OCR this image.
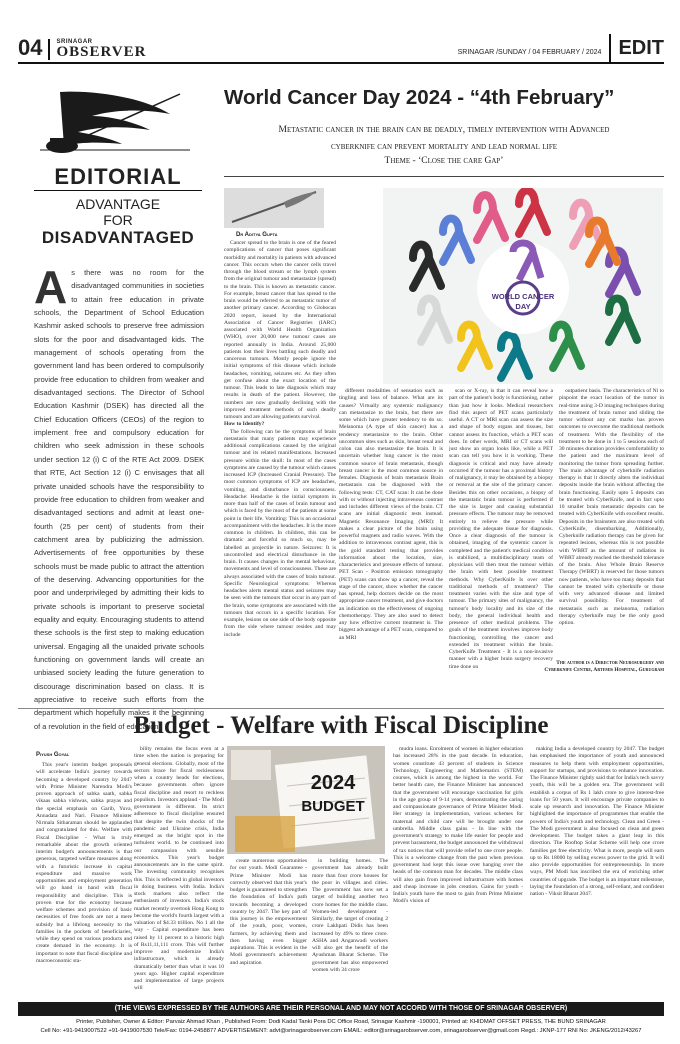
04	SRINAGAR
OBSERVER	SRINAGAR /SUNDAY / 04 FEBRUARY / 2024 EDIT
EDITORIAL
ADVANTAGE
FOR
DISADVANTAGED
A s there was no room for the disadvantaged communities in societies to attain free education in private schools, the Department of School Education Kashmir asked schools to preserve free admission slots for the poor and disadvantaged kids. The management of schools operating from the government land has been ordered to compulsorily provide free education to children from weaker and disadvantaged sections. The Director of School Education Kashmir (DSEK) has directed all the Chief Education Officers (CEOs) of the region to implement free and compulsory education for children who seek admission in these schools under section 12 (i) C of the RTE Act 2009. DSEK that RTE, Act Section 12 (i) C envisages that all private unaided schools have the responsibility to provide free education to children from weaker and disadvantaged sections and admit at least one-fourth (25 per cent) of students from their catchment area by publicizing the admission. Advertisements of free opportunities by these schools must be made public to attract the attention of the deserving. Advancing opportunities for the poor and underprivileged by admitting their kids to private schools is important to preserve societal equality and equity. Encouraging students to attend these schools is the first step to making education universal. Engaging all the unaided private schools functioning on government lands will create an unbiased society leading the future generation to discourage discrimination based on class. It is appreciative to receive such efforts from the department which hopefully makes it the beginning of a revolution in the field of education.
World Cancer Day 2024 - “4th February”
Metastatic cancer in the brain can be deadly, timely intervention with Advanced
cyberknife can prevent mortality and lead normal life
Theme - ‘Close the care Gap’
Dr Aditya Gupta

Cancer spread to the brain is one of the feared complications of cancer that poses significant morbidity and mortality in patients with advanced cancer. This occurs when the cancer cells travel through the blood stream or the lymph system from the original tumour and metastasize (spread) to the brain. This is known as metastatic cancer. For example, breast cancer that has spread to the brain would be referred to as metastatic tumor of another primary cancer. According to Globocan 2020 report, issued by the International Association of Cancer Registries (IARC) associated with World Health Organization (WHO), over 20,000 new tumour cases are reported annually in India. Around 25,000 patients lost their lives battling such deadly and cancerous tumours. Mostly people ignore the initial symptoms of this disease which include headaches, vomiting, seizures etc. As they often get confuse about the exact location of the tumour. This leads to late diagnosis which may results in death of the patient. However, the numbers are now gradually declining with the improved treatment methods of such deadly tumours and are allowing patients survival.

How to Identify?

The following can be the symptoms of brain metastasis that many patients may experience additional complications caused by the original tumour and its related manifestations. Increased pressure within the skull: In most of the cases symptoms are caused by the tumour which causes increased ICP (Increased Cranial Pressure). The most common symptoms of ICP are headaches, vomiting, and disturbance in consciousness. Headache: Headache is the initial symptom in more than half of the cases of brain tumour and which is faced by the most of the patients at some point in their life. Vomiting: This is an occasional accompaniment with the headaches. It is the more common in children. In children, this can be dramatic and forceful so much so, may be labelled as projectile in nature. Seizures: It is uncontrolled and electrical disturbance in the brain. It causes changes in the mental behaviour, movements and level of consciousness. These are always associated with the cases of brain tumour. Specific Neurological symptoms: Whereas headaches alerts mental status and seizures may be seen with the tumours that occur in any part of the brain, some symptoms are associated with the tumours that occurs in a specific location. For example, lesions on one side of the body opposite from the side where tumour resides and may include

WORLD CANCER
DAY

different modalities of sensation such as tingling and loss of balance. What are its causes? Virtually any systemic malignancy can metastasize to the brain, but there are some which have greater tendency to do so. Melanoma (A type of skin cancer) has a tendency metastasize to the brain. Other uncommon sites such as skin, breast renal and colon can also metastasize the brain. It is uncertain whether lung cancer is the most common source of brain metastasis, though breast cancer is the most common source in females. Diagnosis of brain metastasis Brain metastasis can be diagnosed with the following tests: CT, CAT scan: It can be done with or without injecting intravenous contrast and includes different views of the brain. CT scans are initial diagnostic tests instead. Magnetic Resonance Imaging (MRI): It makes a clear picture of the brain using powerful magnets and radio waves. With the addition to intravenous contrast agent, this is the gold standard testing that provides information about the location, size, characteristics and pressure effects of tumour. PET Scan - Positron emission tomography (PET) scans can show up a cancer, reveal the stage of the cancer, show whether the cancer has spread, help doctors decide on the most appropriate cancer treatment, and give doctors an indication on the effectiveness of ongoing chemotherapy. They are also used to detect any how effective current treatment is. The biggest advantage of a PET scan, compared to an MRI

scan or X-ray, is that it can reveal how a part of the patient's body is functioning, rather than just how it looks. Medical researchers find this aspect of PET scans particularly useful. A CT or MRI scan can assess the size and shape of body organs and tissues, but cannot assess its function, which a PET scan does. In other words, MRI or CT scans will just show an organ looks like, while a PET scan can tell you how it is working. These diagnosis is critical and may have already occurred if the tumour has a proximal history of malignancy, it may be obtained by a biopsy or removal at the site of the primary cancer. Besides this on other occasions, a biopsy of the metastatic brain tumour is performed if the size is larger and causing substantial pressure effects. The tumour may be removed entirely to relieve the pressure while providing the adequate tissue for diagnosis. Once a clear diagnosis of the tumour is obtained, imaging of the systemic cancer is completed and the patient's medical condition is stabilized, a multidisciplinary team of physicians will then treat the tumour within the brain with best possible treatment methods. Why CyberKnife Is over other traditional methods of treatment? The treatment varies with the size and type of tumour. The primary sites of malignancy, the tumour's body locality and its size of the body, the general individual health and presence of other medical problems. The goals of the treatment involves improve body functioning, controlling the cancer and extended its treatment within the brain. CyberKnife Treatment - It is a non-invasive manner with a higher brain surgery recovery time done on

outpatient basis. The characteristics of Ni to pinpoint the exact location of the tumor in real-time using 3-D imaging techniques during the treatment of brain tumor and sliding the tumor without any cut marks has proven outcomes to overcome the traditional methods of treatment. With the flexibility of the treatment to be done in 1 to 5 sessions each of 30 minutes duration provides comfortability to the patient and the maximum level of monitoring the tumor from spreading further. The main advantage of cyberknife radiation therapy is that it directly alters the individual deposits inside the brain without affecting the brain functioning. Easily upto 5 deposits can be treated with CyberKnife, and in fact upto 10 smaller brain metastatic deposits can be treated with CyberKnife with excellent results. Deposits in the brainstem are also treated with CyberKnife, disembarking, Additionally, Cyberknife radiation therapy can be given for repeated lesions, whereas this is not possible with WBRT as the amount of radiation in WBRT already reached the threshold tolerance of the brain. Also Whole Brain Reserve Therapy (WBRT) is reserved for those tumors now patients, who have too many deposits that cannot be treated with cyberknife or those with very advanced disease and limited survival possibility. For treatment of metastasis such as melanoma, radiation therapy cyberknife may be the only good option.

The author is a Director Neurosurgery and Cyberknife Centre, Artemis Hospital, Gurugram
Budget - Welfare with Fiscal Discipline
Piyush Goyal

This year's interim budget proposals will accelerate India's journey towards becoming a developed country by 2047 with Prime Minister Narendra Modi's proven approach of sabka saath, sabka vikaas sabka vishwas, sabka prayas and the special emphasis on Garib, Yuva, Annadata and Nari. Finance Minister Nirmala Sitharaman should be applauded and congratulated for this. Welfare with Fiscal Discipline - What is truly remarkable about the growth oriented interim budget's announcements is that generous, targeted welfare measures along with a futuristic increase in capital expenditure and massive work opportunities and employment generation will go hand in hand with fiscal responsibility and discipline. This is proven true for the economy because welfare schemes and provision of basic necessities of free foods are not a mere subsidy but a lifelong necessity to the families in the pockets of beneficiaries, while they spend on various products and create demand in the economy. It is important to note that fiscal discipline and macroeconomic sta-

bility remains the focus even at a time when the nation is preparing for general elections. Globally, most of the sectors brace for fiscal recklessness when a country heads for elections, because governments often ignore fiscal discipline and resort to reckless populism. Investors applaud - The Modi government is different. Its strict adherence to fiscal discipline ensured that despite the twin shocks of the pandemic and Ukraine crisis, India emerged as the bright spot in the turbulent world. to be continued into our compassion with sensible economics. This year's budget announcements are in the same spirit. The investing community recognises this. This is reflected in global investors in doing business with India. India's stock markets also reflect the enthusiasm of investors. India's stock market recently overtook Hong Kong to become the world's fourth largest with a valuation of $4.33 trillion. No 1 all the way - Capital expenditure has been raised by 11 percent to a historic high of Rs11,11,111 crore. This will further improve and modernize India's infrastructure, which is already dramatically better than what it was 10 years ago. Higher capital expenditure and implementation of large projects will

2024
BUDGET

create numerous opportunities for our youth. Modi Guarantee - Prime Minister Modi has correctly observed that this year's budget is guaranteed to strengthen the foundation of India's path towards becoming a developed country by 2047. The key part of this journey is the empowerment of the youth, poor, women, farmers, by achieving them and then having even bigger aspirations. This is evident in the Modi government's achievement and aspiration

in building homes. The government has already built more than four crore houses for the poor in villages and cities. The government has now set a target of building another two crore homes for the middle class. Women-led development - Similarly, the target of creating 2 crore Lakhpati Didis has been increased by 49% to three crore. ASHA and Anganwadi workers will also get the benefit of the Ayushman Bharat Scheme. The government has also empowered women with 34 crore

mudra loans. Enrolment of women in higher education has increased 28% in the past decade. In education, women constitute 43 percent of students in Science Technology, Engineering and Mathematics (STEM) courses, which is among the highest in the world. For better health care, the Finance Minister has announced that the government will encourage vaccination for girls in the age group of 9-14 years, demonstrating the caring and compassionate governance of Prime Minister Modi. Her strategy in implementation, various schemes for maternal and child care will be brought under one umbrella. Middle class gains - In line with the government's strategy to make life easier for people and prevent harassment, the budget announced the withdrawal of tax notices that will provide relief to one crore people. This is a welcome change from the past when previous government had kept this issue over hanging over the heads of the common man for decades. The middle class will also gain from improved infrastructure with homes and cheap increase in jobs creation. Gains for youth - India's youth have the most to gain from Prime Minister Modi's vision of

making India a developed country by 2047. The budget has emphasised the importance of youth and announced measures to help them with employment opportunities, support for startups, and provisions to enhance innovation. The Finance Minister rightly said that for India's tech savvy youth, this will be a golden era. The government will establish a corpus of Rs 1 lakh crore to give interest-free loans for 50 years. It will encourage private companies to scale up research and innovation. The Finance Minister highlighted the importance of programmes that enable the powers of India's youth and technology. Clean and Green - The Modi government is also focused on clean and green development. The budget takes a giant leap in this direction. The Rooftop Solar Scheme will help one crore families get free electricity. What is more, people will earn up to Rs 18000 by selling excess power to the grid. It will also provide opportunities for entrepreneurship. In more ways, PM Modi has inscribed the era of enriching other countries of upgrade. The budget is an important milestone, laying the foundation of a strong, self-reliant, and confident nation - Viksit Bharat 2047.

(THE VIEWS EXPRESSED BY THE AUTHORS ARE THEIR PERSONAL AND MAY NOT ACCORD WITH THOSE OF SRINAGAR OBSERVER)
Printer, Publisher, Owner & Editor: Parvaiz Ahmad Khan , Published From: Dodi Kadal Tanki Pora DC Office Road, Srinagar Kashmir -190001, Printed at: KHIDMAT OFFSET PRESS, THE BUND SRINAGAR
Cell No: +91-9419007522 +91-9419007530 Tele/Fax: 0194-2458877 ADVERTISEMENT: advt@srinagarobserver.com EMAIL: editor@srinagarobserver.com, srinagarobserver@gmail.com Regd.: JKNP-177 RNI No: JKENG/2012/43267
